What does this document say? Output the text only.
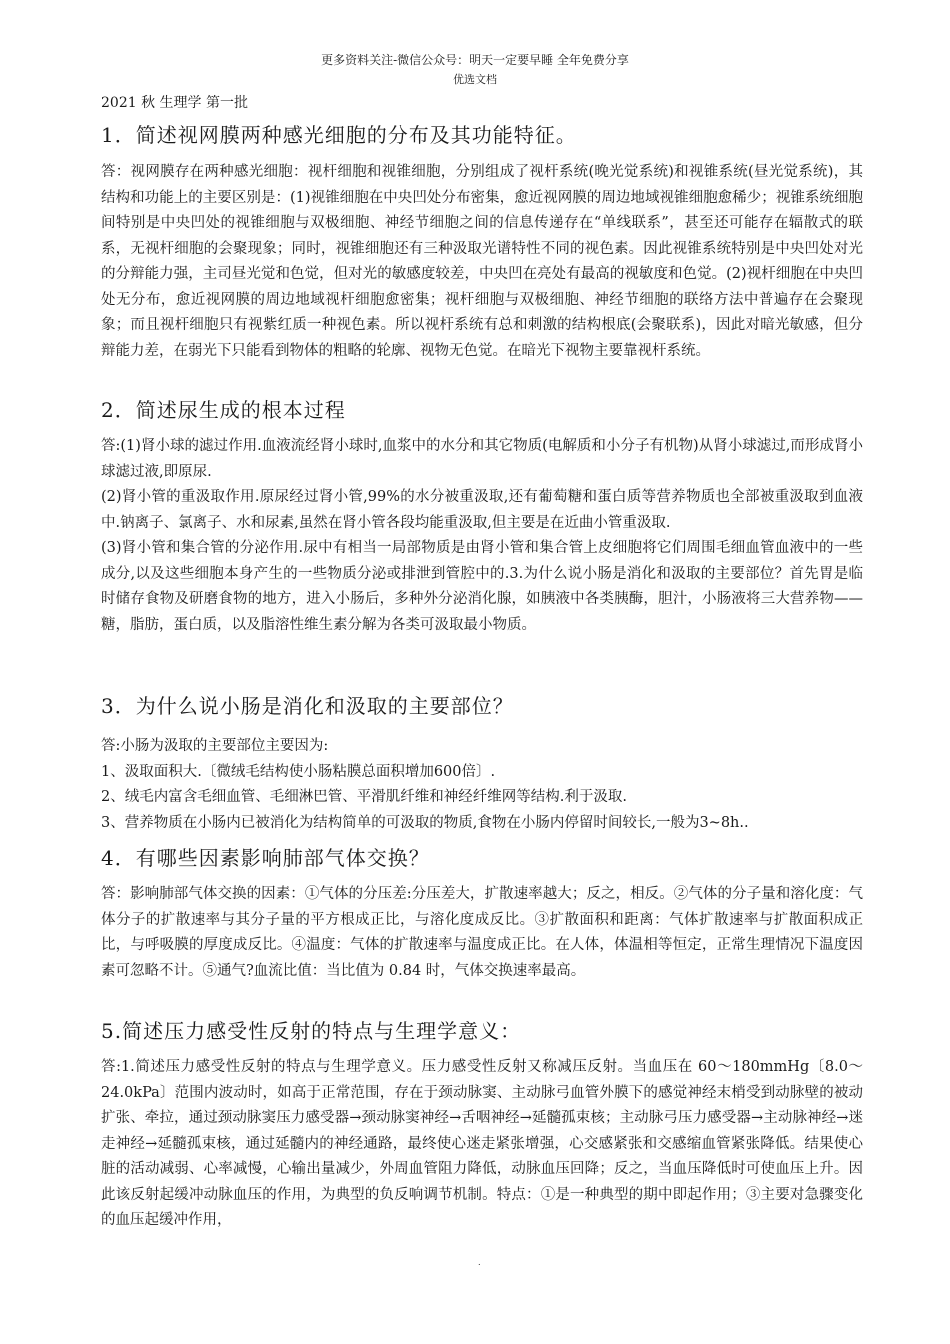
更多资料关注-微信公众号：明天一定要早睡 全年免费分享
优选文档
2021 秋 生理学 第一批
1．简述视网膜两种感光细胞的分布及其功能特征。

答：视网膜存在两种感光细胞：视杆细胞和视锥细胞，分别组成了视杆系统(晚光觉系统)和视锥系统(昼光觉系统)，其结构和功能上的主要区别是：(1)视锥细胞在中央凹处分布密集，愈近视网膜的周边地域视锥细胞愈稀少；视锥系统细胞间特别是中央凹处的视锥细胞与双极细胞、神经节细胞之间的信息传递存在“单线联系”，甚至还可能存在辐散式的联系，无视杆细胞的会聚现象；同时，视锥细胞还有三种汲取光谱特性不同的视色素。因此视锥系统特别是中央凹处对光的分辩能力强，主司昼光觉和色觉，但对光的敏感度较差，中央凹在亮处有最高的视敏度和色觉。(2)视杆细胞在中央凹处无分布，愈近视网膜的周边地域视杆细胞愈密集；视杆细胞与双极细胞、神经节细胞的联络方法中普遍存在会聚现象；而且视杆细胞只有视紫红质一种视色素。所以视杆系统有总和刺激的结构根底(会聚联系)，因此对暗光敏感，但分辩能力差，在弱光下只能看到物体的粗略的轮廓、视物无色觉。在暗光下视物主要靠视杆系统。

2．简述尿生成的根本过程

答:(1)肾小球的滤过作用.血液流经肾小球时,血浆中的水分和其它物质(电解质和小分子有机物)从肾小球滤过,而形成肾小球滤过液,即原尿.

(2)肾小管的重汲取作用.原尿经过肾小管,99%的水分被重汲取,还有葡萄糖和蛋白质等营养物质也全部被重汲取到血液中.钠离子、氯离子、水和尿素,虽然在肾小管各段均能重汲取,但主要是在近曲小管重汲取.

(3)肾小管和集合管的分泌作用.尿中有相当一局部物质是由肾小管和集合管上皮细胞将它们周围毛细血管血液中的一些成分,以及这些细胞本身产生的一些物质分泌或排泄到管腔中的.3.为什么说小肠是消化和汲取的主要部位？首先胃是临时储存食物及研磨食物的地方，进入小肠后，多种外分泌消化腺，如胰液中各类胰酶，胆汁，小肠液将三大营养物——糖，脂肪，蛋白质，以及脂溶性维生素分解为各类可汲取最小物质。

3．为什么说小肠是消化和汲取的主要部位？

答:小肠为汲取的主要部位主要因为:

1、汲取面积大.〔微绒毛结构使小肠粘膜总面积增加600倍〕.

2、绒毛内富含毛细血管、毛细淋巴管、平滑肌纤维和神经纤维网等结构.利于汲取.

3、营养物质在小肠内已被消化为结构简单的可汲取的物质,食物在小肠内停留时间较长,一般为3~8h..

4．有哪些因素影响肺部气体交换？

答：影响肺部气体交换的因素：①气体的分压差:分压差大，扩散速率越大；反之，相反。②气体的分子量和溶化度：气体分子的扩散速率与其分子量的平方根成正比，与溶化度成反比。③扩散面积和距离：气体扩散速率与扩散面积成正比，与呼吸膜的厚度成反比。④温度：气体的扩散速率与温度成正比。在人体，体温相等恒定，正常生理情况下温度因素可忽略不计。⑤通气?血流比值：当比值为 0.84 时，气体交换速率最高。

5.简述压力感受性反射的特点与生理学意义：

答:1.简述压力感受性反射的特点与生理学意义。压力感受性反射又称减压反射。当血压在 60～180mmHg〔8.0～24.0kPa〕范围内波动时，如高于正常范围，存在于颈动脉窦、主动脉弓血管外膜下的感觉神经末梢受到动脉壁的被动扩张、牵拉，通过颈动脉窦压力感受器→颈动脉窦神经→舌咽神经→延髓孤束核；主动脉弓压力感受器→主动脉神经→迷走神经→延髓孤束核，通过延髓内的神经通路，最终使心迷走紧张增强，心交感紧张和交感缩血管紧张降低。结果使心脏的活动减弱、心率减慢，心输出量减少，外周血管阻力降低，动脉血压回降；反之，当血压降低时可使血压上升。因此该反射起缓冲动脉血压的作用，为典型的负反响调节机制。特点：①是一种典型的期中即起作用；③主要对急骤变化的血压起缓冲作用，

.
